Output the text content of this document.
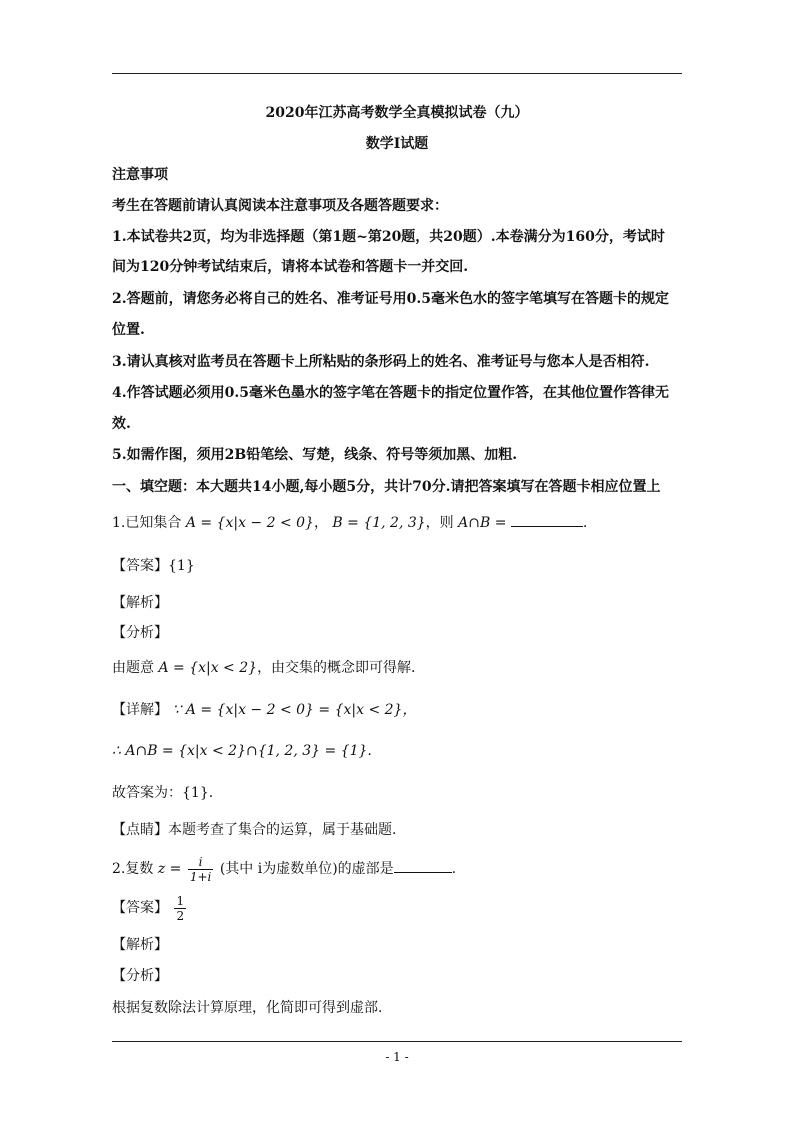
2020年江苏高考数学全真模拟试卷（九）
数学Ⅰ试题
注意事项
考生在答题前请认真阅读本注意事项及各题答题要求：
1.本试卷共2页，均为非选择题（第1题~第20题，共20题）.本卷满分为160分，考试时
间为120分钟考试结束后，请将本试卷和答题卡一并交回.
2.答题前，请您务必将自己的姓名、准考证号用0.5毫米色水的签字笔填写在答题卡的规定
位置.
3.请认真核对监考员在答题卡上所粘贴的条形码上的姓名、准考证号与您本人是否相符.
4.作答试题必须用0.5毫米色墨水的签字笔在答题卡的指定位置作答，在其他位置作答律无
效.
5.如需作图，须用2B铅笔绘、写楚，线条、符号等须加黑、加粗.
一、填空题：本大题共14小题,每小题5分，共计70分.请把答案填写在答题卡相应位置上
1.已知集合 A = {x|x − 2 < 0}， B = {1, 2, 3}，则 A∩B =	.
【答案】{1}
【解析】
【分析】
由题意 A = {x|x < 2}，由交集的概念即可得解.
【详解】 ∵ A = {x|x − 2 < 0} = {x|x < 2}，
∴ A∩B = {x|x < 2}∩{1, 2, 3} = {1}.
故答案为：{1}.
【点睛】本题考查了集合的运算，属于基础题.
2.复数 $z = \frac{i}{1+i}$ (其中 i为虚数单位)的虚部是	.
【答案】 $\frac{1}{2}$
【解析】
【分析】
根据复数除法计算原理，化简即可得到虚部.
- 1 -
